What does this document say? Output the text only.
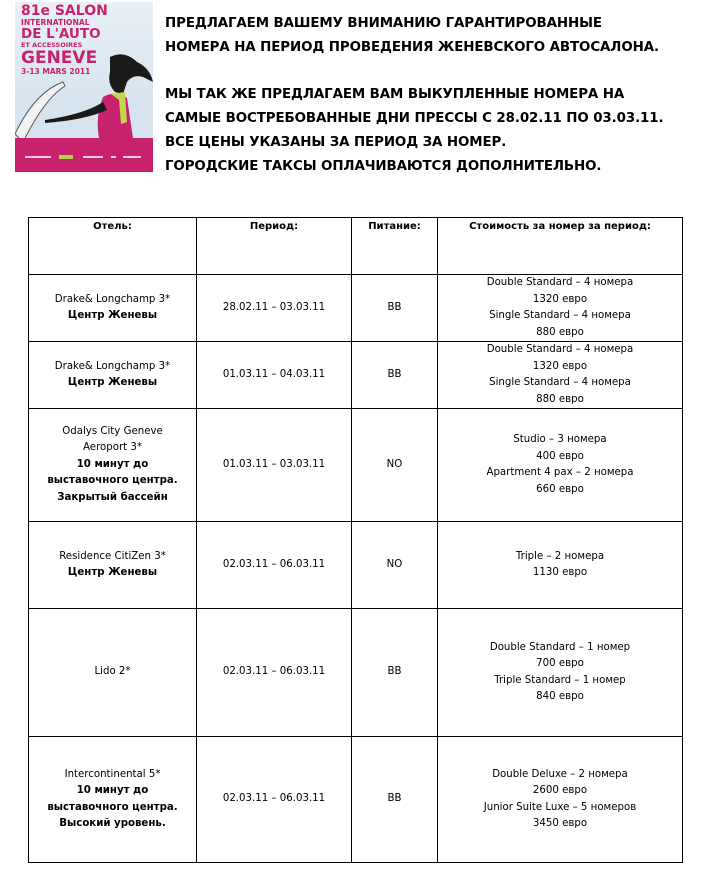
81e SALON
INTERNATIONAL
DE L'AUTO
ET ACCESSOIRES
GENEVE
3-13 MARS 2011

ПРЕДЛАГАЕМ ВАШЕМУ ВНИМАНИЮ ГАРАНТИРОВАННЫЕ

НОМЕРА НА ПЕРИОД ПРОВЕДЕНИЯ ЖЕНЕВСКОГО АВТОСАЛОНА.

МЫ ТАК ЖЕ ПРЕДЛАГАЕМ ВАМ ВЫКУПЛЕННЫЕ НОМЕРА НА

САМЫЕ ВОСТРЕБОВАННЫЕ ДНИ ПРЕССЫ С 28.02.11 ПО 03.03.11.

ВСЕ ЦЕНЫ УКАЗАНЫ ЗА ПЕРИОД ЗА НОМЕР.

ГОРОДСКИЕ ТАКСЫ ОПЛАЧИВАЮТСЯ ДОПОЛНИТЕЛЬНО.

Отель:	Период:	Питание:	Стоимость за номер за период:

Drake& Longchamp 3*
Центр Женевы	28.02.11 – 03.03.11	BB	Double Standard – 4 номера
1320 евро
Single Standard – 4 номера
880 евро

Drake& Longchamp 3*
Центр Женевы	01.03.11 – 04.03.11	BB	Double Standard – 4 номера
1320 евро
Single Standard – 4 номера
880 евро

Odalys City Geneve
Aeroport 3*
10 минут до
выставочного центра.
Закрытый бассейн	01.03.11 – 03.03.11	NO	Studio – 3 номера
400 евро
Apartment 4 pax – 2 номера
660 евро

Residence CitiZen 3*
Центр Женевы	02.03.11 – 06.03.11	NO	Triple – 2 номера
1130 евро

Lido 2*	02.03.11 – 06.03.11	BB	Double Standard – 1 номер
700 евро
Triple Standard – 1 номер
840 евро

Intercontinental 5*
10 минут до
выставочного центра.
Высокий уровень.	02.03.11 – 06.03.11	BB	Double Deluxe – 2 номера
2600 евро
Junior Suite Luxe – 5 номеров
3450 евро
